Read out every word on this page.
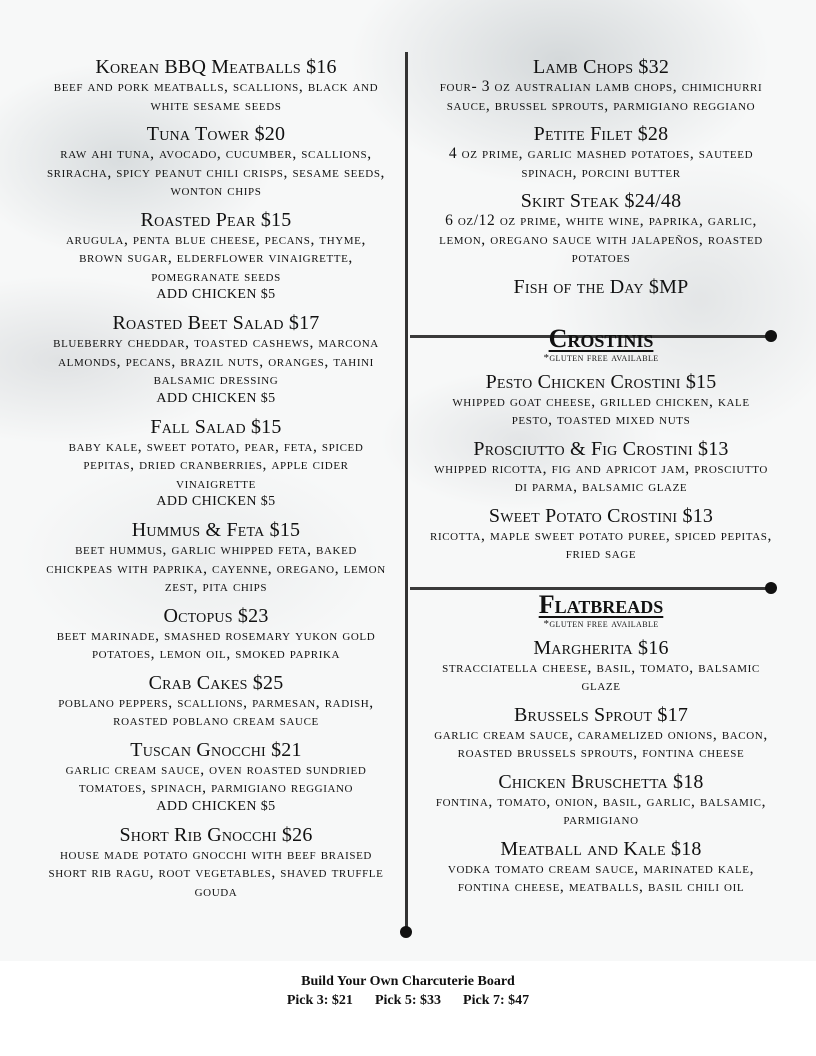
Korean BBQ Meatballs $16
beef and pork meatballs, scallions, black and white sesame seeds
Tuna Tower $20
raw ahi tuna, avocado, cucumber, scallions, sriracha, spicy peanut chili crisps, sesame seeds, wonton chips
Roasted Pear $15
arugula, penta blue cheese, pecans, thyme, brown sugar, elderflower vinaigrette, pomegranate seeds
ADD CHICKEN $5
Roasted Beet Salad $17
blueberry cheddar, toasted cashews, marcona almonds, pecans, brazil nuts, oranges, tahini balsamic dressing
ADD CHICKEN $5
Fall Salad $15
baby kale, sweet potato, pear, feta, spiced pepitas, dried cranberries, apple cider vinaigrette
ADD CHICKEN $5
Hummus & Feta $15
beet hummus, garlic whipped feta, baked chickpeas with paprika, cayenne, oregano, lemon zest, pita chips
Octopus $23
beet marinade, smashed rosemary yukon gold potatoes, lemon oil, smoked paprika
Crab Cakes $25
poblano peppers, scallions, parmesan, radish, roasted poblano cream sauce
Tuscan Gnocchi $21
garlic cream sauce, oven roasted sundried tomatoes, spinach, parmigiano reggiano
ADD CHICKEN $5
Short Rib Gnocchi $26
house made potato gnocchi with beef braised short rib ragu, root vegetables, shaved truffle gouda
Lamb Chops $32
four- 3 oz australian lamb chops, chimichurri sauce, brussel sprouts, parmigiano reggiano
Petite Filet $28
4 oz prime, garlic mashed potatoes, sauteed spinach, porcini butter
Skirt Steak $24/48
6 oz/12 oz prime, white wine, paprika, garlic, lemon, oregano sauce with jalapeños, roasted potatoes
Fish of the Day $MP
Crostinis
*gluten free available
Pesto Chicken Crostini $15
whipped goat cheese, grilled chicken, kale pesto, toasted mixed nuts
Prosciutto & Fig Crostini $13
whipped ricotta, fig and apricot jam, prosciutto di parma, balsamic glaze
Sweet Potato Crostini $13
ricotta, maple sweet potato puree, spiced pepitas, fried sage
Flatbreads
*gluten free available
Margherita $16
stracciatella cheese, basil, tomato, balsamic glaze
Brussels Sprout $17
garlic cream sauce, caramelized onions, bacon, roasted brussels sprouts, fontina cheese
Chicken Bruschetta $18
fontina, tomato, onion, basil, garlic, balsamic, parmigiano
Meatball and Kale $18
vodka tomato cream sauce, marinated kale, fontina cheese, meatballs, basil chili oil
Build Your Own Charcuterie Board
Pick 3: $21 Pick 5: $33 Pick 7: $47
